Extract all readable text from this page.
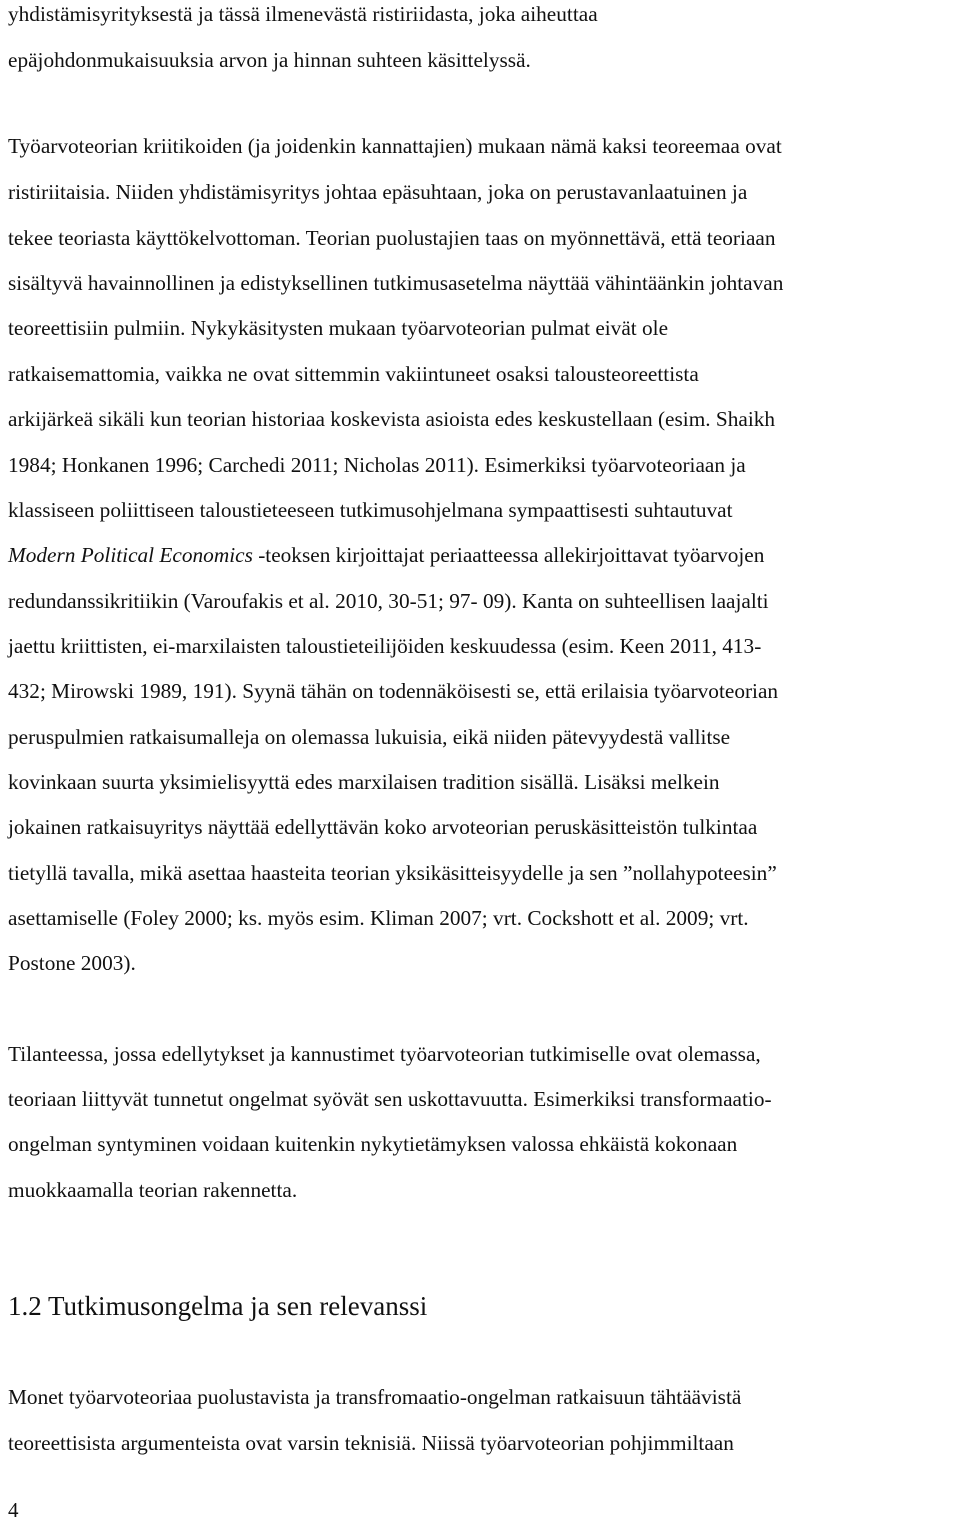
yhdistämisyrityksestä ja tässä ilmenevästä ristiriidasta, joka aiheuttaa
epäjohdonmukaisuuksia arvon ja hinnan suhteen käsittelyssä.
Työarvoteorian kriitikoiden (ja joidenkin kannattajien) mukaan nämä kaksi teoreemaa ovat
ristiriitaisia. Niiden yhdistämisyritys johtaa epäsuhtaan, joka on perustavanlaatuinen ja
tekee teoriasta käyttökelvottoman. Teorian puolustajien taas on myönnettävä, että teoriaan
sisältyvä havainnollinen ja edistyksellinen tutkimusasetelma näyttää vähintäänkin johtavan
teoreettisiin pulmiin. Nykykäsitysten mukaan työarvoteorian pulmat eivät ole
ratkaisemattomia, vaikka ne ovat sittemmin vakiintuneet osaksi talousteoreettista
arkijärkeä sikäli kun teorian historiaa koskevista asioista edes keskustellaan (esim. Shaikh
1984; Honkanen 1996; Carchedi 2011; Nicholas 2011). Esimerkiksi työarvoteoriaan ja
klassiseen poliittiseen taloustieteeseen tutkimusohjelmana sympaattisesti suhtautuvat
Modern Political Economics -teoksen kirjoittajat periaatteessa allekirjoittavat työarvojen
redundanssikritiikin (Varoufakis et al. 2010, 30-51; 97- 09). Kanta on suhteellisen laajalti
jaettu kriittisten, ei-marxilaisten taloustieteilijöiden keskuudessa (esim. Keen 2011, 413-
432; Mirowski 1989, 191). Syynä tähän on todennäköisesti se, että erilaisia työarvoteorian
peruspulmien ratkaisumalleja on olemassa lukuisia, eikä niiden pätevyydestä vallitse
kovinkaan suurta yksimielisyyttä edes marxilaisen tradition sisällä. Lisäksi melkein
jokainen ratkaisuyritys näyttää edellyttävän koko arvoteorian peruskäsitteistön tulkintaa
tietyllä tavalla, mikä asettaa haasteita teorian yksikäsitteisyydelle ja sen ”nollahypoteesin”
asettamiselle (Foley 2000; ks. myös esim. Kliman 2007; vrt. Cockshott et al. 2009; vrt.
Postone 2003).
Tilanteessa, jossa edellytykset ja kannustimet työarvoteorian tutkimiselle ovat olemassa,
teoriaan liittyvät tunnetut ongelmat syövät sen uskottavuutta. Esimerkiksi transformaatio-
ongelman syntyminen voidaan kuitenkin nykytietämyksen valossa ehkäistä kokonaan
muokkaamalla teorian rakennetta.
1.2 Tutkimusongelma ja sen relevanssi
Monet työarvoteoriaa puolustavista ja transfromaatio-ongelman ratkaisuun tähtäävistä
teoreettisista argumenteista ovat varsin teknisiä. Niissä työarvoteorian pohjimmiltaan
4
